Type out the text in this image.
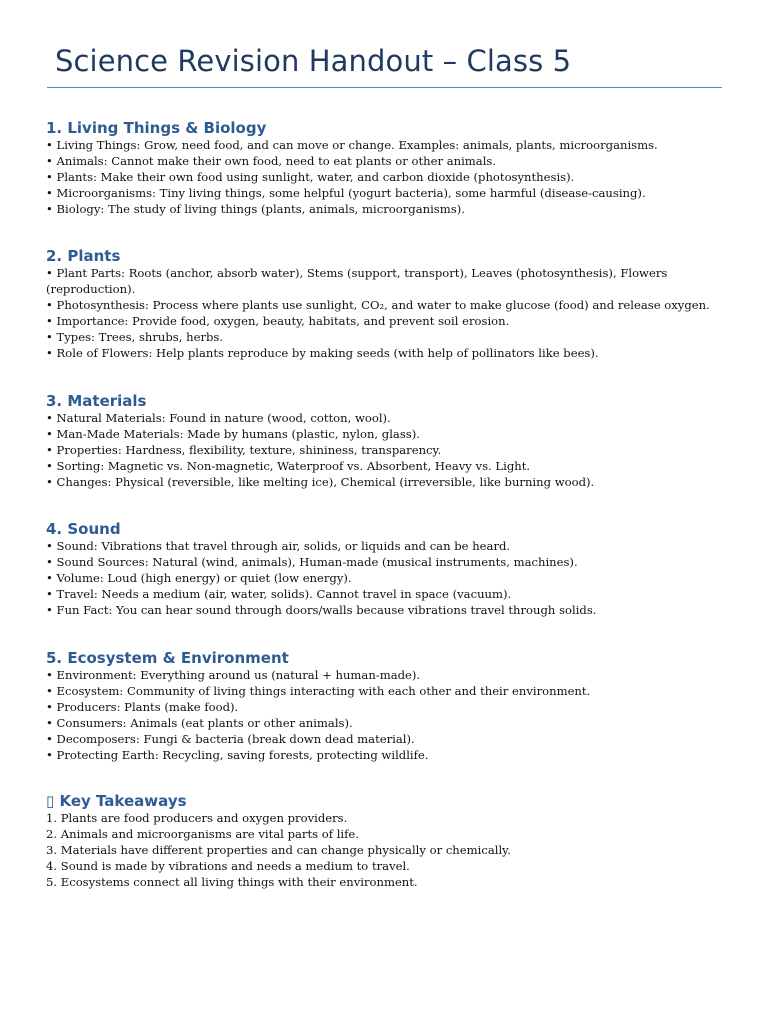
Science Revision Handout – Class 5
1. Living Things & Biology
• Living Things: Grow, need food, and can move or change. Examples: animals, plants, microorganisms.
• Animals: Cannot make their own food, need to eat plants or other animals.
• Plants: Make their own food using sunlight, water, and carbon dioxide (photosynthesis).
• Microorganisms: Tiny living things, some helpful (yogurt bacteria), some harmful (disease-causing).
• Biology: The study of living things (plants, animals, microorganisms).
2. Plants
• Plant Parts: Roots (anchor, absorb water), Stems (support, transport), Leaves (photosynthesis), Flowers (reproduction).
• Photosynthesis: Process where plants use sunlight, CO₂, and water to make glucose (food) and release oxygen.
• Importance: Provide food, oxygen, beauty, habitats, and prevent soil erosion.
• Types: Trees, shrubs, herbs.
• Role of Flowers: Help plants reproduce by making seeds (with help of pollinators like bees).
3. Materials
• Natural Materials: Found in nature (wood, cotton, wool).
• Man-Made Materials: Made by humans (plastic, nylon, glass).
• Properties: Hardness, flexibility, texture, shininess, transparency.
• Sorting: Magnetic vs. Non-magnetic, Waterproof vs. Absorbent, Heavy vs. Light.
• Changes: Physical (reversible, like melting ice), Chemical (irreversible, like burning wood).
4. Sound
• Sound: Vibrations that travel through air, solids, or liquids and can be heard.
• Sound Sources: Natural (wind, animals), Human-made (musical instruments, machines).
• Volume: Loud (high energy) or quiet (low energy).
• Travel: Needs a medium (air, water, solids). Cannot travel in space (vacuum).
• Fun Fact: You can hear sound through doors/walls because vibrations travel through solids.
5. Ecosystem & Environment
• Environment: Everything around us (natural + human-made).
• Ecosystem: Community of living things interacting with each other and their environment.
• Producers: Plants (make food).
• Consumers: Animals (eat plants or other animals).
• Decomposers: Fungi & bacteria (break down dead material).
• Protecting Earth: Recycling, saving forests, protecting wildlife.
▯ Key Takeaways
1. Plants are food producers and oxygen providers.
2. Animals and microorganisms are vital parts of life.
3. Materials have different properties and can change physically or chemically.
4. Sound is made by vibrations and needs a medium to travel.
5. Ecosystems connect all living things with their environment.
